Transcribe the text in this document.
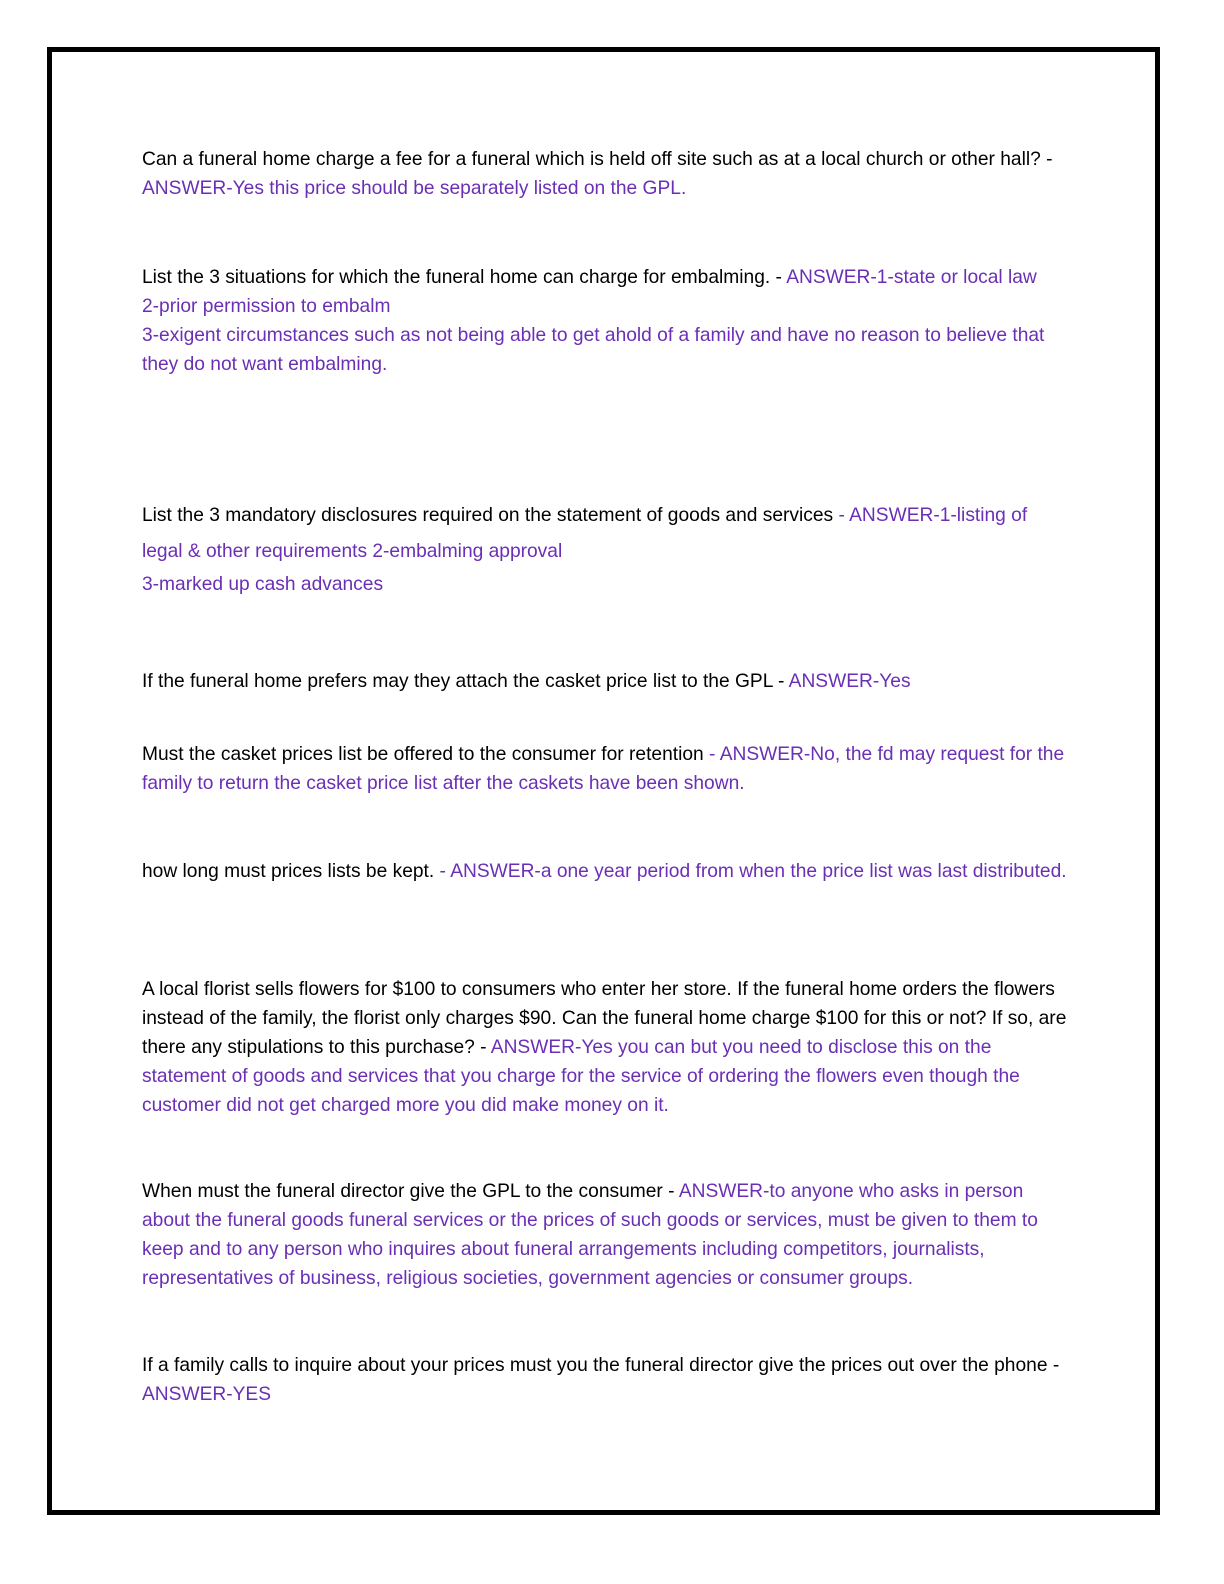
Can a funeral home charge a fee for a funeral which is held off site such as at a local church or other hall? - ANSWER-Yes this price should be separately listed on the GPL.

List the 3 situations for which the funeral home can charge for embalming. - ANSWER-1-state or local law

2-prior permission to embalm

3-exigent circumstances such as not being able to get ahold of a family and have no reason to believe that they do not want embalming.

List the 3 mandatory disclosures required on the statement of goods and services - ANSWER-1-listing of legal & other requirements 2-embalming approval

3-marked up cash advances

If the funeral home prefers may they attach the casket price list to the GPL - ANSWER-Yes

Must the casket prices list be offered to the consumer for retention - ANSWER-No, the fd may request for the family to return the casket price list after the caskets have been shown.

how long must prices lists be kept. - ANSWER-a one year period from when the price list was last distributed.

A local florist sells flowers for $100 to consumers who enter her store. If the funeral home orders the flowers instead of the family, the florist only charges $90. Can the funeral home charge $100 for this or not? If so, are there any stipulations to this purchase? - ANSWER-Yes you can but you need to disclose this on the statement of goods and services that you charge for the service of ordering the flowers even though the customer did not get charged more you did make money on it.

When must the funeral director give the GPL to the consumer - ANSWER-to anyone who asks in person about the funeral goods funeral services or the prices of such goods or services, must be given to them to keep and to any person who inquires about funeral arrangements including competitors, journalists, representatives of business, religious societies, government agencies or consumer groups.

If a family calls to inquire about your prices must you the funeral director give the prices out over the phone - ANSWER-YES
